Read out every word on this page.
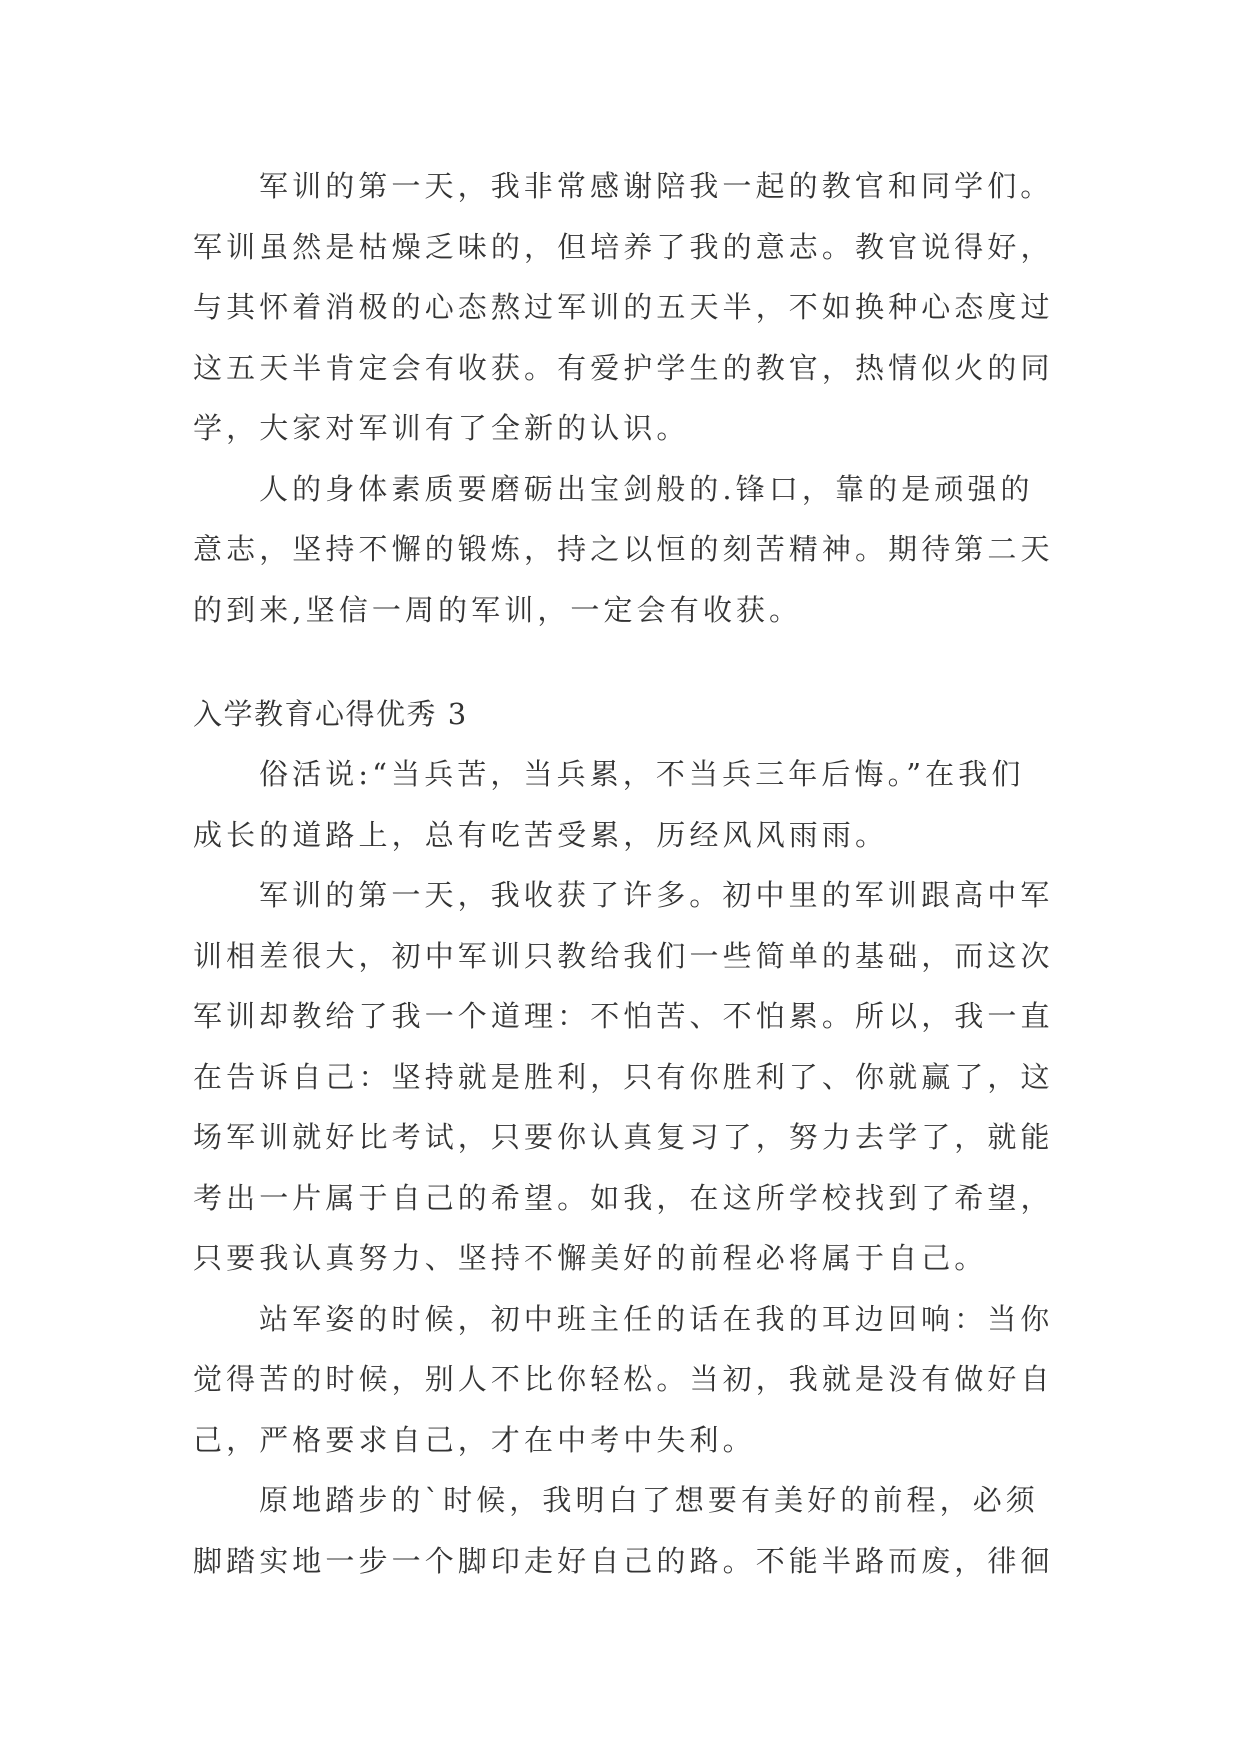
军训的第一天，我非常感谢陪我一起的教官和同学们。
军训虽然是枯燥乏味的，但培养了我的意志。教官说得好，
与其怀着消极的心态熬过军训的五天半，不如换种心态度过
这五天半肯定会有收获。有爱护学生的教官，热情似火的同
学，大家对军训有了全新的认识。
人的身体素质要磨砺出宝剑般的.锋口，靠的是顽强的
意志，坚持不懈的锻炼，持之以恒的刻苦精神。期待第二天
的到来,坚信一周的军训，一定会有收获。
入学教育心得优秀 3
俗活说:“当兵苦，当兵累，不当兵三年后悔。”在我们
成长的道路上，总有吃苦受累，历经风风雨雨。
军训的第一天，我收获了许多。初中里的军训跟高中军
训相差很大，初中军训只教给我们一些简单的基础，而这次
军训却教给了我一个道理：不怕苦、不怕累。所以，我一直
在告诉自己：坚持就是胜利，只有你胜利了、你就赢了，这
场军训就好比考试，只要你认真复习了，努力去学了，就能
考出一片属于自己的希望。如我，在这所学校找到了希望，
只要我认真努力、坚持不懈美好的前程必将属于自己。
站军姿的时候，初中班主任的话在我的耳边回响：当你
觉得苦的时候，别人不比你轻松。当初，我就是没有做好自
己，严格要求自己，才在中考中失利。
原地踏步的`时候，我明白了想要有美好的前程，必须
脚踏实地一步一个脚印走好自己的路。不能半路而废，徘徊
